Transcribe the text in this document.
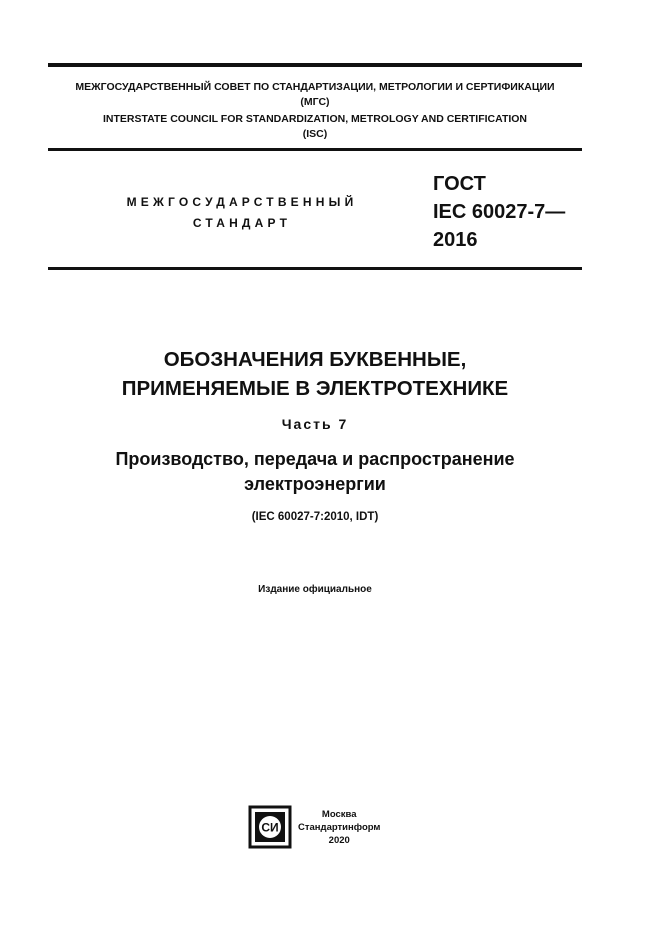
МЕЖГОСУДАРСТВЕННЫЙ СОВЕТ ПО СТАНДАРТИЗАЦИИ, МЕТРОЛОГИИ И СЕРТИФИКАЦИИ
(МГС)
INTERSTATE COUNCIL FOR STANDARDIZATION, METROLOGY AND CERTIFICATION
(ISC)
МЕЖГОСУДАРСТВЕННЫЙ
СТАНДАРТ
ГОСТ
IEC 60027-7—
2016
ОБОЗНАЧЕНИЯ БУКВЕННЫЕ,
ПРИМЕНЯЕМЫЕ В ЭЛЕКТРОТЕХНИКЕ
Часть 7
Производство, передача и распространение
электроэнергии
(IEC 60027-7:2010, IDT)
Издание официальное
СИ
Москва
Стандартинформ
2020
